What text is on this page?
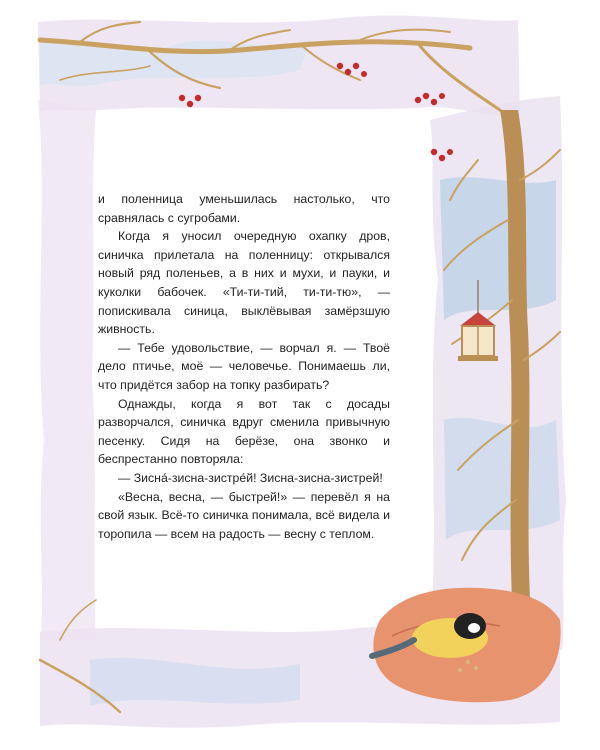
и поленница уменьшилась настолько, что сравнялась с сугробами.

Когда я уносил очередную охапку дров, синичка прилетала на поленницу: открывался новый ряд поленьев, а в них и мухи, и пауки, и куколки бабочек. «Ти-ти-тий, ти-ти-тю», — попискивала синица, выклёвывая замёрзшую живность.

— Тебе удовольствие, — ворчал я. — Твоё дело птичье, моё — человечье. Понимаешь ли, что придётся забор на топку разбирать?

Однажды, когда я вот так с досады разворчался, синичка вдруг сменила привычную песенку. Сидя на берёзе, она звонко и беспрестанно повторяла:

— Зисна́-зисна-зистре́й! Зисна-зисна-зистрей!

«Весна, весна, — быстрей!» — перевёл я на свой язык. Всё-то синичка понимала, всё видела и торопила — всем на радость — весну с теплом.
